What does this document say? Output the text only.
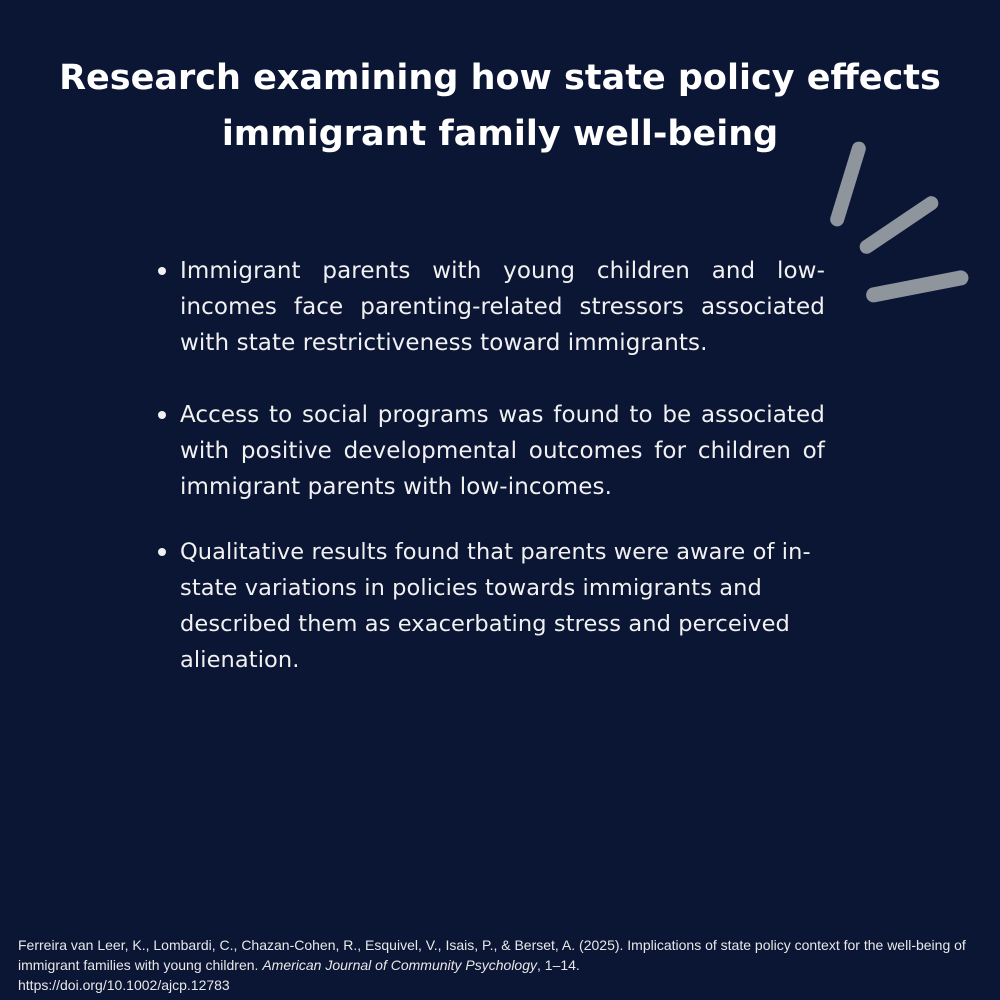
Research examining how state policy effects
immigrant family well-being
Immigrant parents with young children and low-incomes face parenting-related stressors associated with state restrictiveness toward immigrants.
Access to social programs was found to be associated with positive developmental outcomes for children of immigrant parents with low-incomes.
Qualitative results found that parents were aware of in-state variations in policies towards immigrants and described them as exacerbating stress and perceived alienation.

Ferreira van Leer, K., Lombardi, C., Chazan-Cohen, R., Esquivel, V., Isais, P., & Berset, A. (2025). Implications of state policy context for the well-being of immigrant families with young children. American Journal of Community Psychology, 1–14.
https://doi.org/10.1002/ajcp.12783
